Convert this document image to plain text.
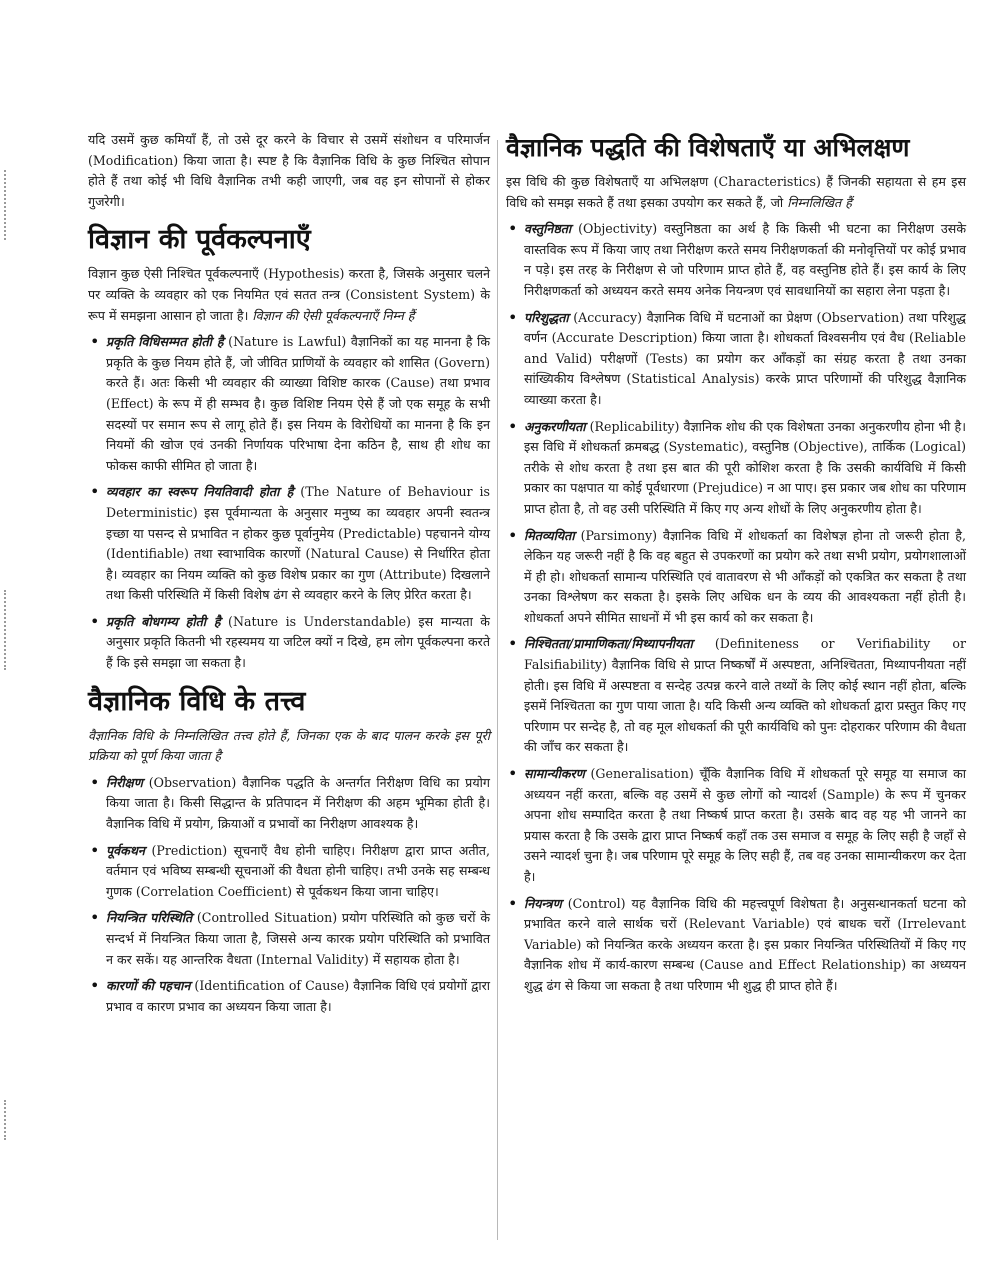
यदि उसमें कुछ कमियाँ हैं, तो उसे दूर करने के विचार से उसमें संशोधन व परिमार्जन (Modification) किया जाता है। स्पष्ट है कि वैज्ञानिक विधि के कुछ निश्चित सोपान होते हैं तथा कोई भी विधि वैज्ञानिक तभी कही जाएगी, जब वह इन सोपानों से होकर गुजरेगी।

विज्ञान की पूर्वकल्पनाएँ

विज्ञान कुछ ऐसी निश्चित पूर्वकल्पनाएँ (Hypothesis) करता है, जिसके अनुसार चलने पर व्यक्ति के व्यवहार को एक नियमित एवं सतत तन्त्र (Consistent System) के रूप में समझना आसान हो जाता है। विज्ञान की ऐसी पूर्वकल्पनाएँ निम्न हैं

• प्रकृति विधिसम्मत होती है (Nature is Lawful) वैज्ञानिकों का यह मानना है कि प्रकृति के कुछ नियम होते हैं, जो जीवित प्राणियों के व्यवहार को शासित (Govern) करते हैं। अतः किसी भी व्यवहार की व्याख्या विशिष्ट कारक (Cause) तथा प्रभाव (Effect) के रूप में ही सम्भव है। कुछ विशिष्ट नियम ऐसे हैं जो एक समूह के सभी सदस्यों पर समान रूप से लागू होते हैं। इस नियम के विरोधियों का मानना है कि इन नियमों की खोज एवं उनकी निर्णायक परिभाषा देना कठिन है, साथ ही शोध का फोकस काफी सीमित हो जाता है।
• व्यवहार का स्वरूप नियतिवादी होता है (The Nature of Behaviour is Deterministic) इस पूर्वमान्यता के अनुसार मनुष्य का व्यवहार अपनी स्वतन्त्र इच्छा या पसन्द से प्रभावित न होकर कुछ पूर्वानुमेय (Predictable) पहचानने योग्य (Identifiable) तथा स्वाभाविक कारणों (Natural Cause) से निर्धारित होता है। व्यवहार का नियम व्यक्ति को कुछ विशेष प्रकार का गुण (Attribute) दिखलाने तथा किसी परिस्थिति में किसी विशेष ढंग से व्यवहार करने के लिए प्रेरित करता है।
• प्रकृति बोधगम्य होती है (Nature is Understandable) इस मान्यता के अनुसार प्रकृति कितनी भी रहस्यमय या जटिल क्यों न दिखे, हम लोग पूर्वकल्पना करते हैं कि इसे समझा जा सकता है।
वैज्ञानिक विधि के तत्त्व

वैज्ञानिक विधि के निम्नलिखित तत्त्व होते हैं, जिनका एक के बाद पालन करके इस पूरी प्रक्रिया को पूर्ण किया जाता है

• निरीक्षण (Observation) वैज्ञानिक पद्धति के अन्तर्गत निरीक्षण विधि का प्रयोग किया जाता है। किसी सिद्धान्त के प्रतिपादन में निरीक्षण की अहम भूमिका होती है। वैज्ञानिक विधि में प्रयोग, क्रियाओं व प्रभावों का निरीक्षण आवश्यक है।
• पूर्वकथन (Prediction) सूचनाएँ वैध होनी चाहिए। निरीक्षण द्वारा प्राप्त अतीत, वर्तमान एवं भविष्य सम्बन्धी सूचनाओं की वैधता होनी चाहिए। तभी उनके सह सम्बन्ध गुणक (Correlation Coefficient) से पूर्वकथन किया जाना चाहिए।
• नियन्त्रित परिस्थिति (Controlled Situation) प्रयोग परिस्थिति को कुछ चरों के सन्दर्भ में नियन्त्रित किया जाता है, जिससे अन्य कारक प्रयोग परिस्थिति को प्रभावित न कर सकें। यह आन्तरिक वैधता (Internal Validity) में सहायक होता है।
• कारणों की पहचान (Identification of Cause) वैज्ञानिक विधि एवं प्रयोगों द्वारा प्रभाव व कारण प्रभाव का अध्ययन किया जाता है।
वैज्ञानिक पद्धति की विशेषताएँ या अभिलक्षण

इस विधि की कुछ विशेषताएँ या अभिलक्षण (Characteristics) हैं जिनकी सहायता से हम इस विधि को समझ सकते हैं तथा इसका उपयोग कर सकते हैं, जो निम्नलिखित हैं

• वस्तुनिष्ठता (Objectivity) वस्तुनिष्ठता का अर्थ है कि किसी भी घटना का निरीक्षण उसके वास्तविक रूप में किया जाए तथा निरीक्षण करते समय निरीक्षणकर्ता की मनोवृत्तियों पर कोई प्रभाव न पड़े। इस तरह के निरीक्षण से जो परिणाम प्राप्त होते हैं, वह वस्तुनिष्ठ होते हैं। इस कार्य के लिए निरीक्षणकर्ता को अध्ययन करते समय अनेक नियन्त्रण एवं सावधानियों का सहारा लेना पड़ता है।
• परिशुद्धता (Accuracy) वैज्ञानिक विधि में घटनाओं का प्रेक्षण (Observation) तथा परिशुद्ध वर्णन (Accurate Description) किया जाता है। शोधकर्ता विश्वसनीय एवं वैध (Reliable and Valid) परीक्षणों (Tests) का प्रयोग कर आँकड़ों का संग्रह करता है तथा उनका सांख्यिकीय विश्लेषण (Statistical Analysis) करके प्राप्त परिणामों की परिशुद्ध वैज्ञानिक व्याख्या करता है।
• अनुकरणीयता (Replicability) वैज्ञानिक शोध की एक विशेषता उनका अनुकरणीय होना भी है। इस विधि में शोधकर्ता क्रमबद्ध (Systematic), वस्तुनिष्ठ (Objective), तार्किक (Logical) तरीके से शोध करता है तथा इस बात की पूरी कोशिश करता है कि उसकी कार्यविधि में किसी प्रकार का पक्षपात या कोई पूर्वधारणा (Prejudice) न आ पाए। इस प्रकार जब शोध का परिणाम प्राप्त होता है, तो वह उसी परिस्थिति में किए गए अन्य शोधों के लिए अनुकरणीय होता है।
• मितव्ययिता (Parsimony) वैज्ञानिक विधि में शोधकर्ता का विशेषज्ञ होना तो जरूरी होता है, लेकिन यह जरूरी नहीं है कि वह बहुत से उपकरणों का प्रयोग करे तथा सभी प्रयोग, प्रयोगशालाओं में ही हो। शोधकर्ता सामान्य परिस्थिति एवं वातावरण से भी आँकड़ों को एकत्रित कर सकता है तथा उनका विश्लेषण कर सकता है। इसके लिए अधिक धन के व्यय की आवश्यकता नहीं होती है। शोधकर्ता अपने सीमित साधनों में भी इस कार्य को कर सकता है।
• निश्चितता/प्रामाणिकता/मिथ्यापनीयता (Definiteness or Verifiability or Falsifiability) वैज्ञानिक विधि से प्राप्त निष्कर्षों में अस्पष्टता, अनिश्चितता, मिथ्यापनीयता नहीं होती। इस विधि में अस्पष्टता व सन्देह उत्पन्न करने वाले तथ्यों के लिए कोई स्थान नहीं होता, बल्कि इसमें निश्चितता का गुण पाया जाता है। यदि किसी अन्य व्यक्ति को शोधकर्ता द्वारा प्रस्तुत किए गए परिणाम पर सन्देह है, तो वह मूल शोधकर्ता की पूरी कार्यविधि को पुनः दोहराकर परिणाम की वैधता की जाँच कर सकता है।
• सामान्यीकरण (Generalisation) चूँकि वैज्ञानिक विधि में शोधकर्ता पूरे समूह या समाज का अध्ययन नहीं करता, बल्कि वह उसमें से कुछ लोगों को न्यादर्श (Sample) के रूप में चुनकर अपना शोध सम्पादित करता है तथा निष्कर्ष प्राप्त करता है। उसके बाद वह यह भी जानने का प्रयास करता है कि उसके द्वारा प्राप्त निष्कर्ष कहाँ तक उस समाज व समूह के लिए सही है जहाँ से उसने न्यादर्श चुना है। जब परिणाम पूरे समूह के लिए सही हैं, तब वह उनका सामान्यीकरण कर देता है।
• नियन्त्रण (Control) यह वैज्ञानिक विधि की महत्त्वपूर्ण विशेषता है। अनुसन्धानकर्ता घटना को प्रभावित करने वाले सार्थक चरों (Relevant Variable) एवं बाधक चरों (Irrelevant Variable) को नियन्त्रित करके अध्ययन करता है। इस प्रकार नियन्त्रित परिस्थितियों में किए गए वैज्ञानिक शोध में कार्य-कारण सम्बन्ध (Cause and Effect Relationship) का अध्ययन शुद्ध ढंग से किया जा सकता है तथा परिणाम भी शुद्ध ही प्राप्त होते हैं।
